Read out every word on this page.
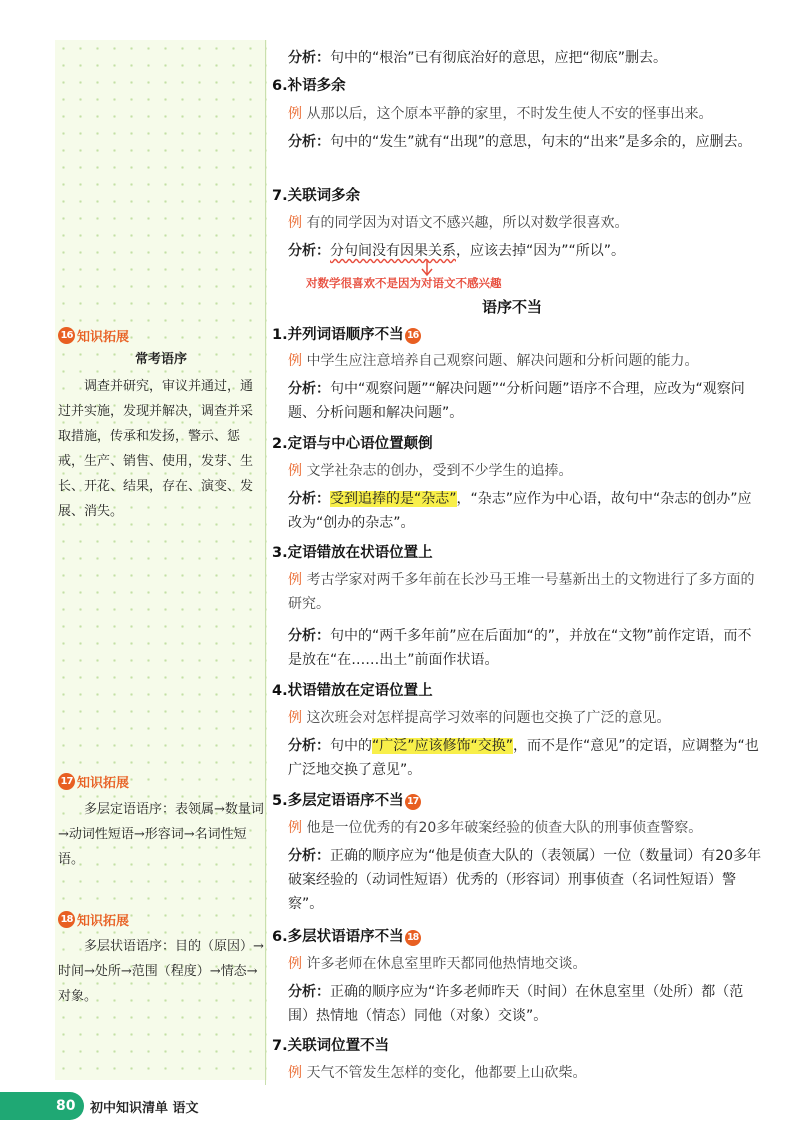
16 知识拓展
常考语序
调查并研究，审议并通过，通过并实施，发现并解决，调查并采取措施，传承和发扬，警示、惩戒，生产、销售、使用，发芽、生长、开花、结果，存在、演变、发展、消失。
17 知识拓展
多层定语语序：表领属→数量词→动词性短语→形容词→名词性短语。
18 知识拓展
多层状语语序：目的（原因）→时间→处所→范围（程度）→情态→对象。
分析：句中的“根治”已有彻底治好的意思，应把“彻底”删去。
6.补语多余
例 从那以后，这个原本平静的家里，不时发生使人不安的怪事出来。
分析：句中的“发生”就有“出现”的意思，句末的“出来”是多余的，应删去。
7.关联词多余
例 有的同学因为对语文不感兴趣，所以对数学很喜欢。
分析：分句间没有因果关系，应该去掉“因为”“所以”。
对数学很喜欢不是因为对语文不感兴趣
语序不当
1.并列词语顺序不当 16
例 中学生应注意培养自己观察问题、解决问题和分析问题的能力。
分析：句中“观察问题”“解决问题”“分析问题”语序不合理，应改为“观察问题、分析问题和解决问题”。
2.定语与中心语位置颠倒
例 文学社杂志的创办，受到不少学生的追捧。
分析：受到追捧的是“杂志”，“杂志”应作为中心语，故句中“杂志的创办”应改为“创办的杂志”。
3.定语错放在状语位置上
例 考古学家对两千多年前在长沙马王堆一号墓新出土的文物进行了多方面的研究。
分析：句中的“两千多年前”应在后面加“的”，并放在“文物”前作定语，而不是放在“在……出土”前面作状语。
4.状语错放在定语位置上
例 这次班会对怎样提高学习效率的问题也交换了广泛的意见。
分析：句中的“广泛”应该修饰“交换”，而不是作“意见”的定语，应调整为“也广泛地交换了意见”。
5.多层定语语序不当 17
例 他是一位优秀的有20多年破案经验的侦查大队的刑事侦查警察。
分析：正确的顺序应为“他是侦查大队的（表领属）一位（数量词）有20多年破案经验的（动词性短语）优秀的（形容词）刑事侦查（名词性短语）警察”。
6.多层状语语序不当 18
例 许多老师在休息室里昨天都同他热情地交谈。
分析：正确的顺序应为“许多老师昨天（时间）在休息室里（处所）都（范围）热情地（情态）同他（对象）交谈”。
7.关联词位置不当
例 天气不管发生怎样的变化，他都要上山砍柴。
80	初中知识清单 语文
